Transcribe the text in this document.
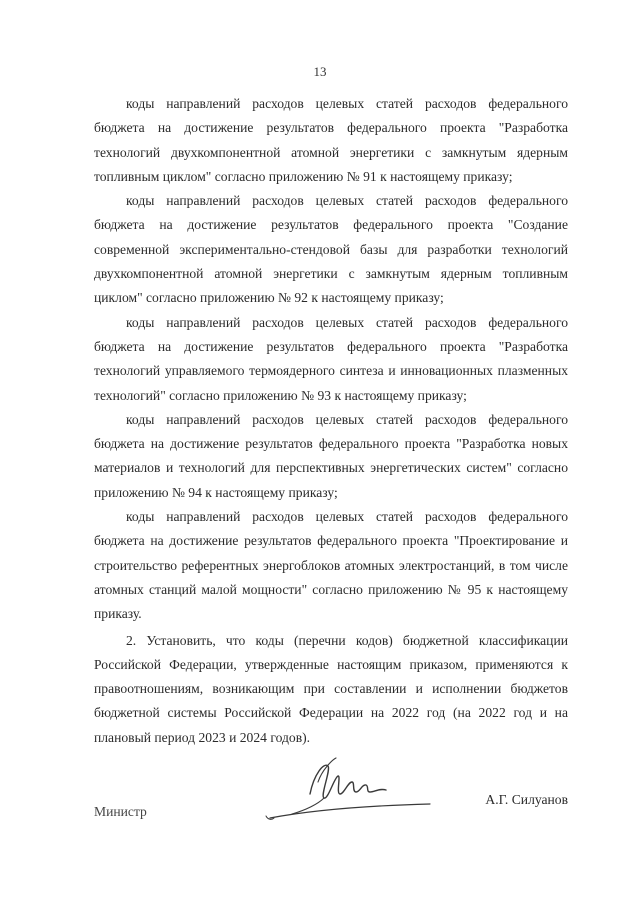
13

коды направлений расходов целевых статей расходов федерального бюджета на достижение результатов федерального проекта "Разработка технологий двухкомпонентной атомной энергетики с замкнутым ядерным топливным циклом" согласно приложению № 91 к настоящему приказу;

коды направлений расходов целевых статей расходов федерального бюджета на достижение результатов федерального проекта "Создание современной экспериментально-стендовой базы для разработки технологий двухкомпонентной атомной энергетики с замкнутым ядерным топливным циклом" согласно приложению № 92 к настоящему приказу;

коды направлений расходов целевых статей расходов федерального бюджета на достижение результатов федерального проекта "Разработка технологий управляемого термоядерного синтеза и инновационных плазменных технологий" согласно приложению № 93 к настоящему приказу;

коды направлений расходов целевых статей расходов федерального бюджета на достижение результатов федерального проекта "Разработка новых материалов и технологий для перспективных энергетических систем" согласно приложению № 94 к настоящему приказу;

коды направлений расходов целевых статей расходов федерального бюджета на достижение результатов федерального проекта "Проектирование и строительство референтных энергоблоков атомных электростанций, в том числе атомных станций малой мощности" согласно приложению № 95 к настоящему приказу.

2. Установить, что коды (перечни кодов) бюджетной классификации Российской Федерации, утвержденные настоящим приказом, применяются к правоотношениям, возникающим при составлении и исполнении бюджетов бюджетной системы Российской Федерации на 2022 год (на 2022 год и на плановый период 2023 и 2024 годов).

Министр
А.Г. Силуанов
